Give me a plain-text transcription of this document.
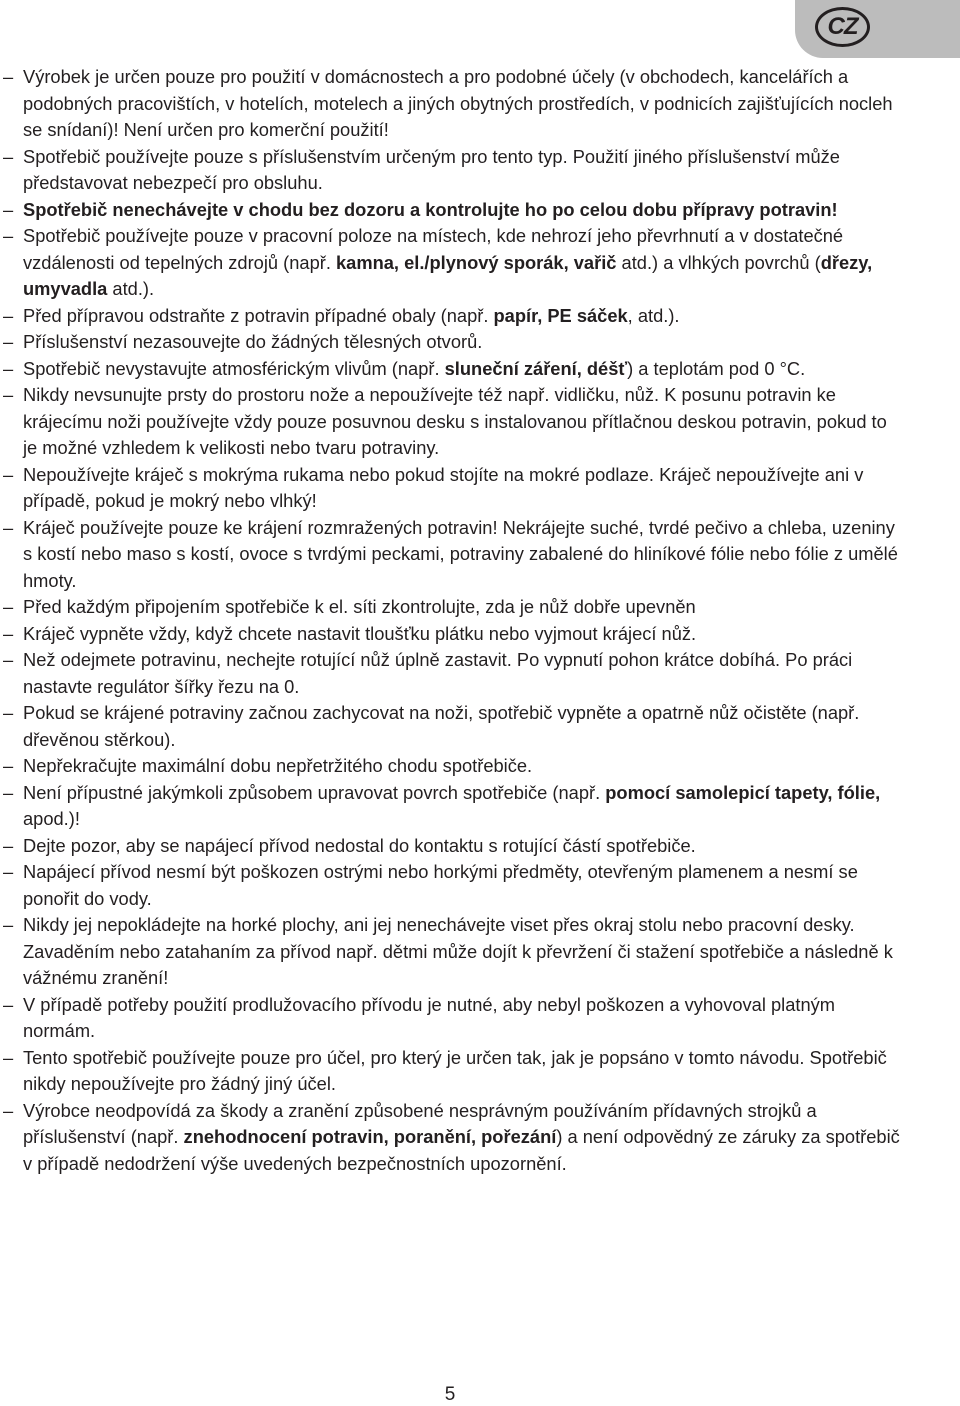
CZ
– Výrobek je určen pouze pro použití v domácnostech a pro podobné účely (v obchodech, kancelářích a podobných pracovištích, v hotelích, motelech a jiných obytných prostředích, v podnicích zajišťujících nocleh se snídaní)! Není určen pro komerční použití!
– Spotřebič používejte pouze s příslušenstvím určeným pro tento typ. Použití jiného příslušenství může představovat nebezpečí pro obsluhu.
– Spotřebič nenechávejte v chodu bez dozoru a kontrolujte ho po celou dobu přípravy potravin!
– Spotřebič používejte pouze v pracovní poloze na místech, kde nehrozí jeho převrhnutí a v dostatečné vzdálenosti od tepelných zdrojů (např. kamna, el./plynový sporák, vařič atd.) a vlhkých povrchů (dřezy, umyvadla atd.).
– Před přípravou odstraňte z potravin případné obaly (např. papír, PE sáček, atd.).
– Příslušenství nezasouvejte do žádných tělesných otvorů.
– Spotřebič nevystavujte atmosférickým vlivům (např. sluneční záření, déšť) a teplotám pod 0 °C.
– Nikdy nevsunujte prsty do prostoru nože a nepoužívejte též např. vidličku, nůž. K posunu potravin ke krájecímu noži používejte vždy pouze posuvnou desku s instalovanou přítlačnou deskou potravin, pokud to je možné vzhledem k velikosti nebo tvaru potraviny.
– Nepoužívejte kráječ s mokrýma rukama nebo pokud stojíte na mokré podlaze. Kráječ nepoužívejte ani v případě, pokud je mokrý nebo vlhký!
– Kráječ používejte pouze ke krájení rozmražených potravin! Nekrájejte suché, tvrdé pečivo a chleba, uzeniny s kostí nebo maso s kostí, ovoce s tvrdými peckami, potraviny zabalené do hliníkové fólie nebo fólie z umělé hmoty.
– Před každým připojením spotřebiče k el. síti zkontrolujte, zda je nůž dobře upevněn
– Kráječ vypněte vždy, když chcete nastavit tloušťku plátku nebo vyjmout krájecí nůž.
– Než odejmete potravinu, nechejte rotující nůž úplně zastavit. Po vypnutí pohon krátce dobíhá. Po práci nastavte regulátor šířky řezu na 0.
– Pokud se krájené potraviny začnou zachycovat na noži, spotřebič vypněte a opatrně nůž očistěte (např. dřevěnou stěrkou).
– Nepřekračujte maximální dobu nepřetržitého chodu spotřebiče.
– Není přípustné jakýmkoli způsobem upravovat povrch spotřebiče (např. pomocí samolepicí tapety, fólie, apod.)!
– Dejte pozor, aby se napájecí přívod nedostal do kontaktu s rotující částí spotřebiče.
– Napájecí přívod nesmí být poškozen ostrými nebo horkými předměty, otevřeným plamenem a nesmí se ponořit do vody.
– Nikdy jej nepokládejte na horké plochy, ani jej nenechávejte viset přes okraj stolu nebo pracovní desky. Zavaděním nebo zatahaním za přívod např. dětmi může dojít k převržení či stažení spotřebiče a následně k vážnému zranění!
– V případě potřeby použití prodlužovacího přívodu je nutné, aby nebyl poškozen a vyhovoval platným normám.
– Tento spotřebič používejte pouze pro účel, pro který je určen tak, jak je popsáno v tomto návodu. Spotřebič nikdy nepoužívejte pro žádný jiný účel.
– Výrobce neodpovídá za škody a zranění způsobené nesprávným používáním přídavných strojků a příslušenství (např. znehodnocení potravin, poranění, pořezání) a není odpovědný ze záruky za spotřebič v případě nedodržení výše uvedených bezpečnostních upozornění.
5
